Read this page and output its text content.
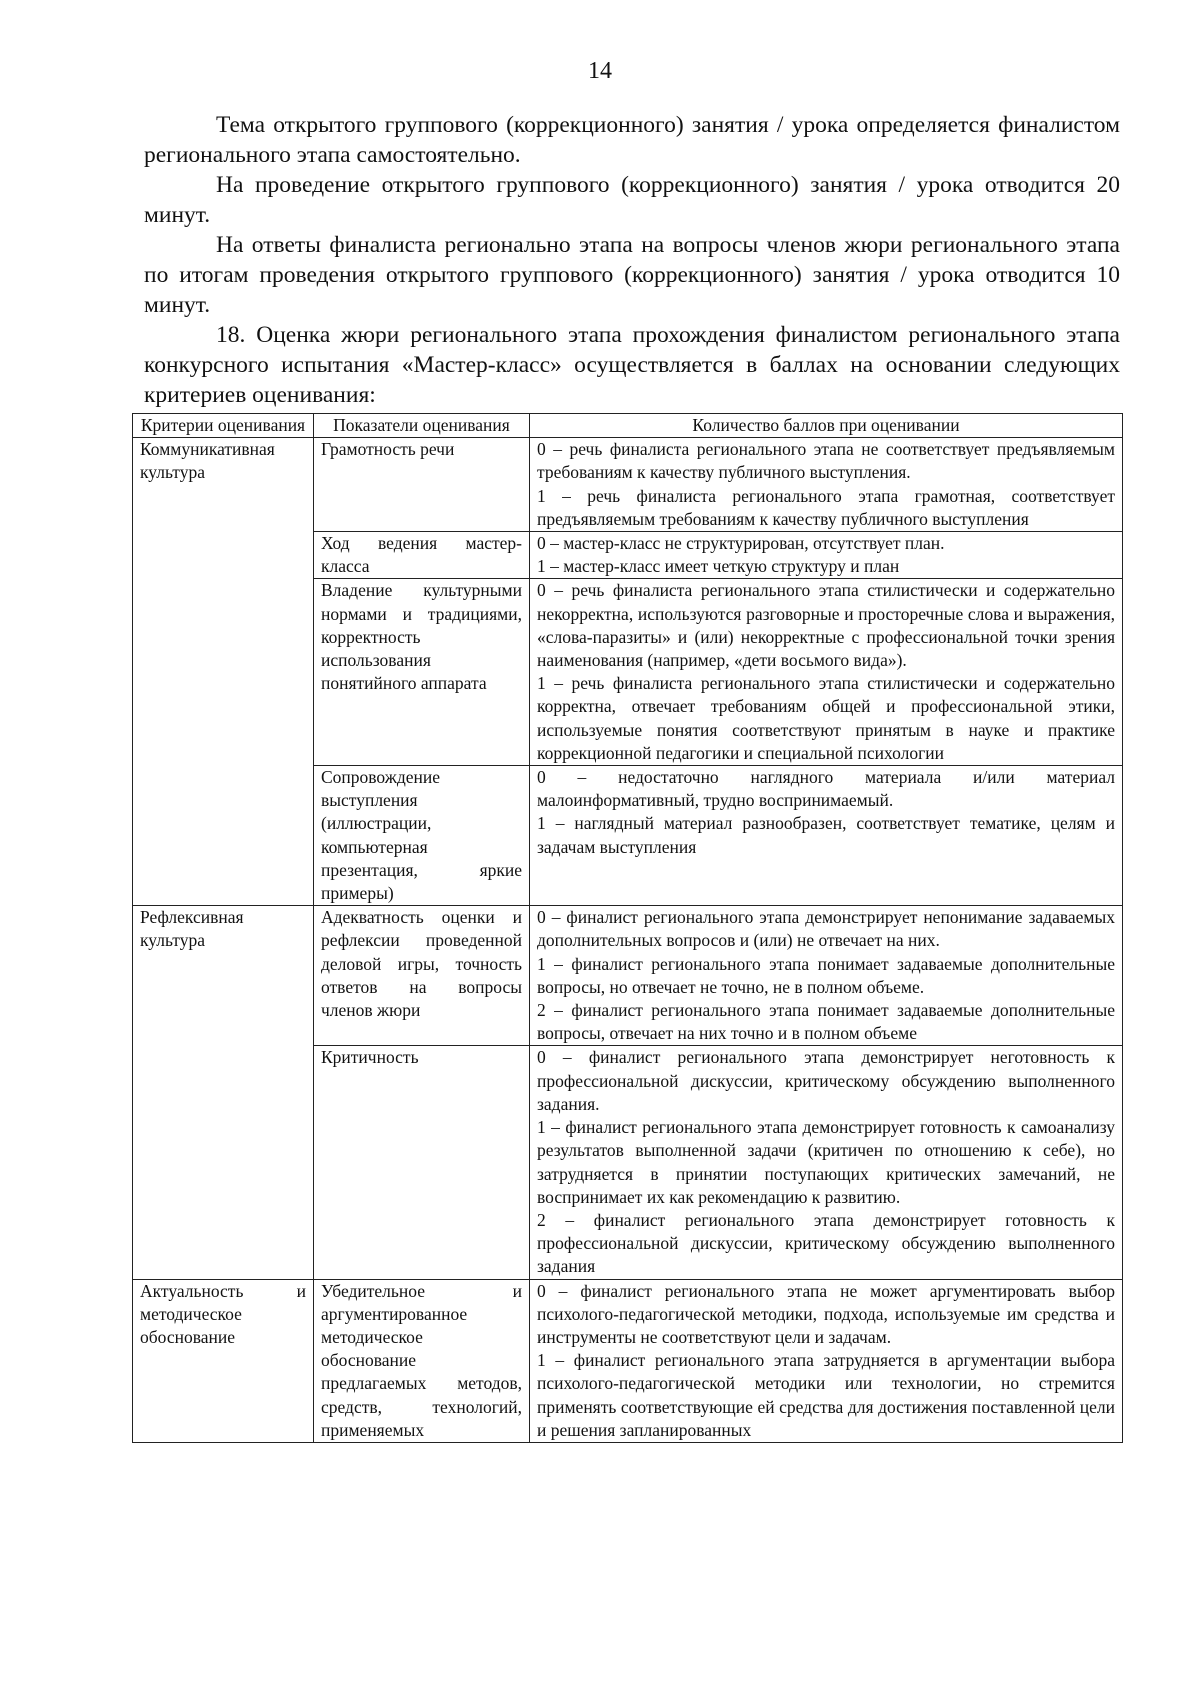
14

Тема открытого группового (коррекционного) занятия / урока определяется финалистом регионального этапа самостоятельно.

На проведение открытого группового (коррекционного) занятия / урока отводится 20 минут.

На ответы финалиста регионально этапа на вопросы членов жюри регионального этапа по итогам проведения открытого группового (коррекционного) занятия / урока отводится 10 минут.

18. Оценка жюри регионального этапа прохождения финалистом регионального этапа конкурсного испытания «Мастер-класс» осуществляется в баллах на основании следующих критериев оценивания:

Критерии оценивания	Показатели оценивания	Количество баллов при оценивании
Коммуникативная культура	Грамотность речи	0 – речь финалиста регионального этапа не соответствует предъявляемым требованиям к качеству публичного выступления.
1 – речь финалиста регионального этапа грамотная, соответствует предъявляемым требованиям к качеству публичного выступления

	Ход ведения мастер-класса	0 – мастер-класс не структурирован, отсутствует план.
1 – мастер-класс имеет четкую структуру и план

	Владение культурными нормами и традициями, корректность использования понятийного аппарата	0 – речь финалиста регионального этапа стилистически и содержательно некорректна, используются разговорные и просторечные слова и выражения, «слова-паразиты» и (или) некорректные с профессиональной точки зрения наименования (например, «дети восьмого вида»).
1 – речь финалиста регионального этапа стилистически и содержательно корректна, отвечает требованиям общей и профессиональной этики, используемые понятия соответствуют принятым в науке и практике коррекционной педагогики и специальной психологии

	Сопровождение выступления (иллюстрации, компьютерная презентация, яркие примеры)	0 – недостаточно наглядного материала и/или материал малоинформативный, трудно воспринимаемый.
1 – наглядный материал разнообразен, соответствует тематике, целям и задачам выступления

Рефлексивная культура	Адекватность оценки и рефлексии проведенной деловой игры, точность ответов на вопросы членов жюри	0 – финалист регионального этапа демонстрирует непонимание задаваемых дополнительных вопросов и (или) не отвечает на них.
1 – финалист регионального этапа понимает задаваемые дополнительные вопросы, но отвечает не точно, не в полном объеме.
2 – финалист регионального этапа понимает задаваемые дополнительные вопросы, отвечает на них точно и в полном объеме

	Критичность	0 – финалист регионального этапа демонстрирует неготовность к профессиональной дискуссии, критическому обсуждению выполненного задания.
1 – финалист регионального этапа демонстрирует готовность к самоанализу результатов выполненной задачи (критичен по отношению к себе), но затрудняется в принятии поступающих критических замечаний, не воспринимает их как рекомендацию к развитию.
2 – финалист регионального этапа демонстрирует готовность к профессиональной дискуссии, критическому обсуждению выполненного задания

Актуальность и методическое обоснование	Убедительное и аргументированное методическое обоснование предлагаемых методов, средств, технологий, применяемых	0 – финалист регионального этапа не может аргументировать выбор психолого-педагогической методики, подхода, используемые им средства и инструменты не соответствуют цели и задачам.
1 – финалист регионального этапа затрудняется в аргументации выбора психолого-педагогической методики или технологии, но стремится применять соответствующие ей средства для достижения поставленной цели и решения запланированных
